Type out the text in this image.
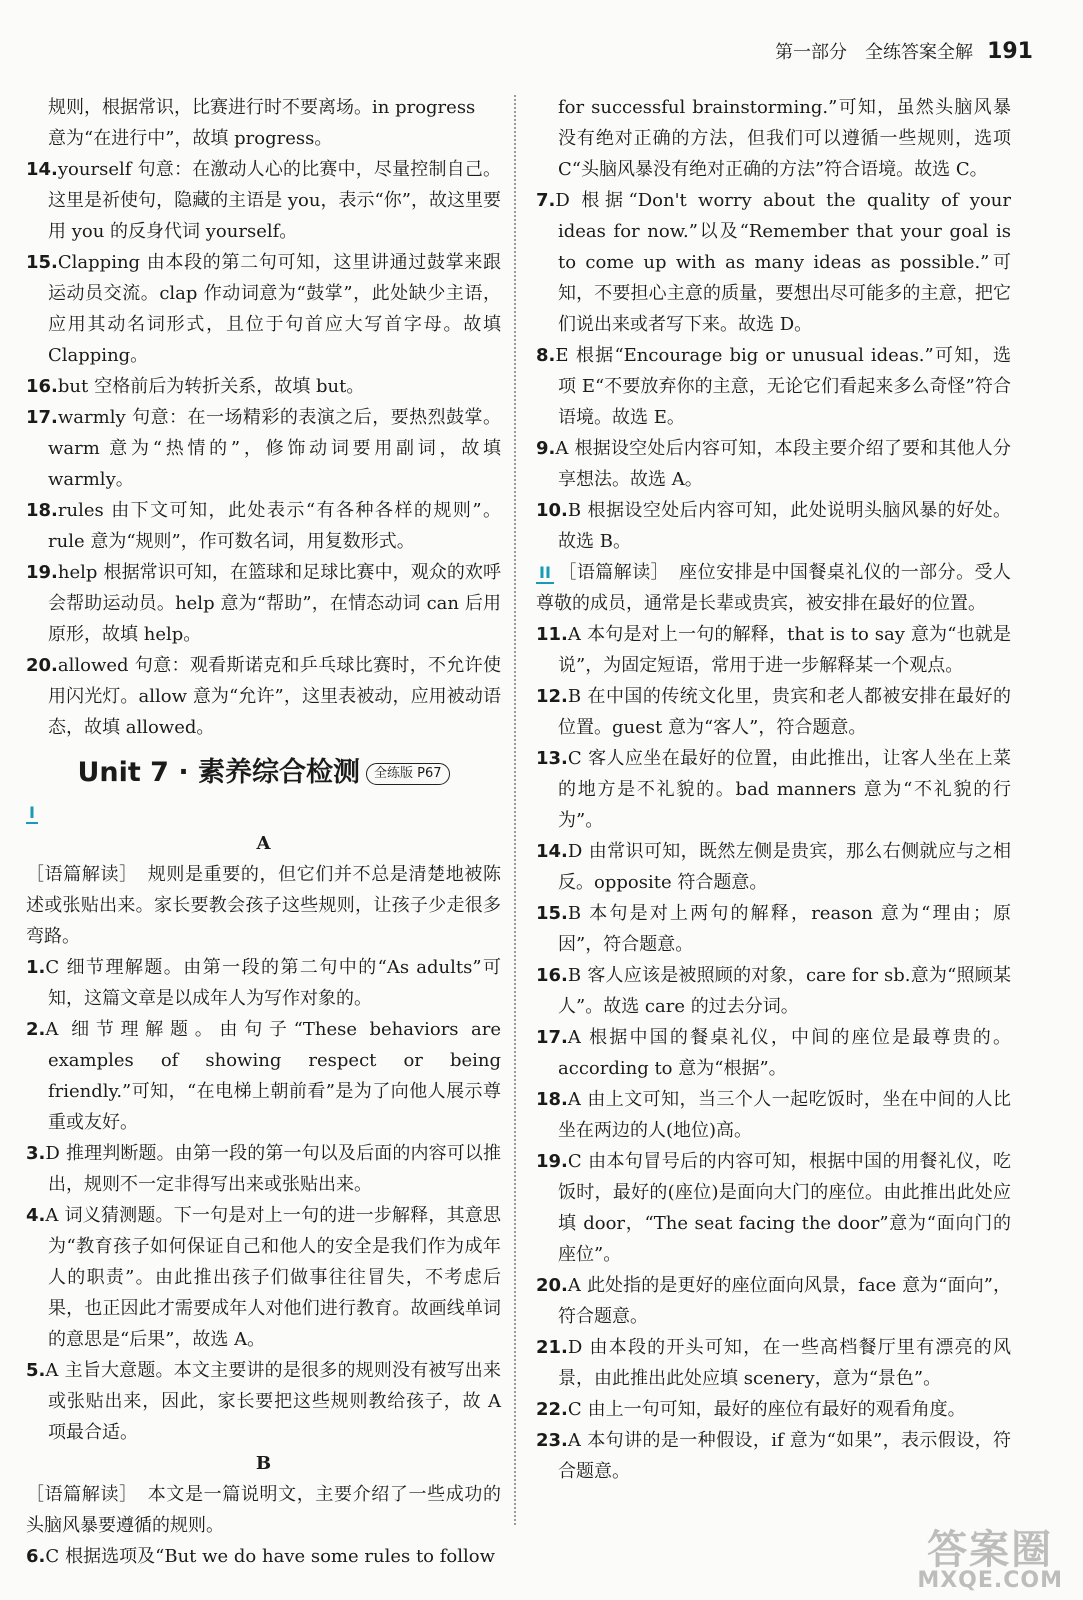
第一部分　全练答案全解 191
规则，根据常识，比赛进行时不要离场。in progress
意为“在进行中”，故填 progress。
14.yourself 句意：在激动人心的比赛中，尽量控制自己。这里是祈使句，隐藏的主语是 you，表示“你”，故这里要用 you 的反身代词 yourself。
15.Clapping 由本段的第二句可知，这里讲通过鼓掌来跟运动员交流。clap 作动词意为“鼓掌”，此处缺少主语，应用其动名词形式，且位于句首应大写首字母。故填 Clapping。
16.but 空格前后为转折关系，故填 but。
17.warmly 句意：在一场精彩的表演之后，要热烈鼓掌。warm 意为“热情的”，修饰动词要用副词，故填 warmly。
18.rules 由下文可知，此处表示“有各种各样的规则”。rule 意为“规则”，作可数名词，用复数形式。
19.help 根据常识可知，在篮球和足球比赛中，观众的欢呼会帮助运动员。help 意为“帮助”，在情态动词 can 后用原形，故填 help。
20.allowed 句意：观看斯诺克和乒乓球比赛时，不允许使用闪光灯。allow 意为“允许”，这里表被动，应用被动语态，故填 allowed。
Unit 7 · 素养综合检测 全练版 P67
I
A
［语篇解读］ 规则是重要的，但它们并不总是清楚地被陈述或张贴出来。家长要教会孩子这些规则，让孩子少走很多弯路。
1.C 细节理解题。由第一段的第二句中的“As adults”可知，这篇文章是以成年人为写作对象的。
2.A 细节理解题。由句子“These behaviors are examples of showing respect or being friendly.”可知，“在电梯上朝前看”是为了向他人展示尊重或友好。
3.D 推理判断题。由第一段的第一句以及后面的内容可以推出，规则不一定非得写出来或张贴出来。
4.A 词义猜测题。下一句是对上一句的进一步解释，其意思为“教育孩子如何保证自己和他人的安全是我们作为成年人的职责”。由此推出孩子们做事往往冒失，不考虑后果，也正因此才需要成年人对他们进行教育。故画线单词的意思是“后果”，故选 A。
5.A 主旨大意题。本文主要讲的是很多的规则没有被写出来或张贴出来，因此，家长要把这些规则教给孩子，故 A 项最合适。
B
［语篇解读］ 本文是一篇说明文，主要介绍了一些成功的头脑风暴要遵循的规则。
6.C 根据选项及“But we do have some rules to follow
for successful brainstorming.”可知，虽然头脑风暴没有绝对正确的方法，但我们可以遵循一些规则，选项 C“头脑风暴没有绝对正确的方法”符合语境。故选 C。
7.D 根据“Don't worry about the quality of your ideas for now.”以及“Remember that your goal is to come up with as many ideas as possible.”可知，不要担心主意的质量，要想出尽可能多的主意，把它们说出来或者写下来。故选 D。
8.E 根据“Encourage big or unusual ideas.”可知，选项 E“不要放弃你的主意，无论它们看起来多么奇怪”符合语境。故选 E。
9.A 根据设空处后内容可知，本段主要介绍了要和其他人分享想法。故选 A。
10.B 根据设空处后内容可知，此处说明头脑风暴的好处。故选 B。
II ［语篇解读］ 座位安排是中国餐桌礼仪的一部分。受人尊敬的成员，通常是长辈或贵宾，被安排在最好的位置。
11.A 本句是对上一句的解释，that is to say 意为“也就是说”，为固定短语，常用于进一步解释某一个观点。
12.B 在中国的传统文化里，贵宾和老人都被安排在最好的位置。guest 意为“客人”，符合题意。
13.C 客人应坐在最好的位置，由此推出，让客人坐在上菜的地方是不礼貌的。bad manners 意为“不礼貌的行为”。
14.D 由常识可知，既然左侧是贵宾，那么右侧就应与之相反。opposite 符合题意。
15.B 本句是对上两句的解释，reason 意为“理由；原因”，符合题意。
16.B 客人应该是被照顾的对象，care for sb.意为“照顾某人”。故选 care 的过去分词。
17.A 根据中国的餐桌礼仪，中间的座位是最尊贵的。according to 意为“根据”。
18.A 由上文可知，当三个人一起吃饭时，坐在中间的人比坐在两边的人(地位)高。
19.C 由本句冒号后的内容可知，根据中国的用餐礼仪，吃饭时，最好的(座位)是面向大门的座位。由此推出此处应填 door，“The seat facing the door”意为“面向门的座位”。
20.A 此处指的是更好的座位面向风景，face 意为“面向”，符合题意。
21.D 由本段的开头可知，在一些高档餐厅里有漂亮的风景，由此推出此处应填 scenery，意为“景色”。
22.C 由上一句可知，最好的座位有最好的观看角度。
23.A 本句讲的是一种假设，if 意为“如果”，表示假设，符合题意。
答案圈
MXQE.COM
